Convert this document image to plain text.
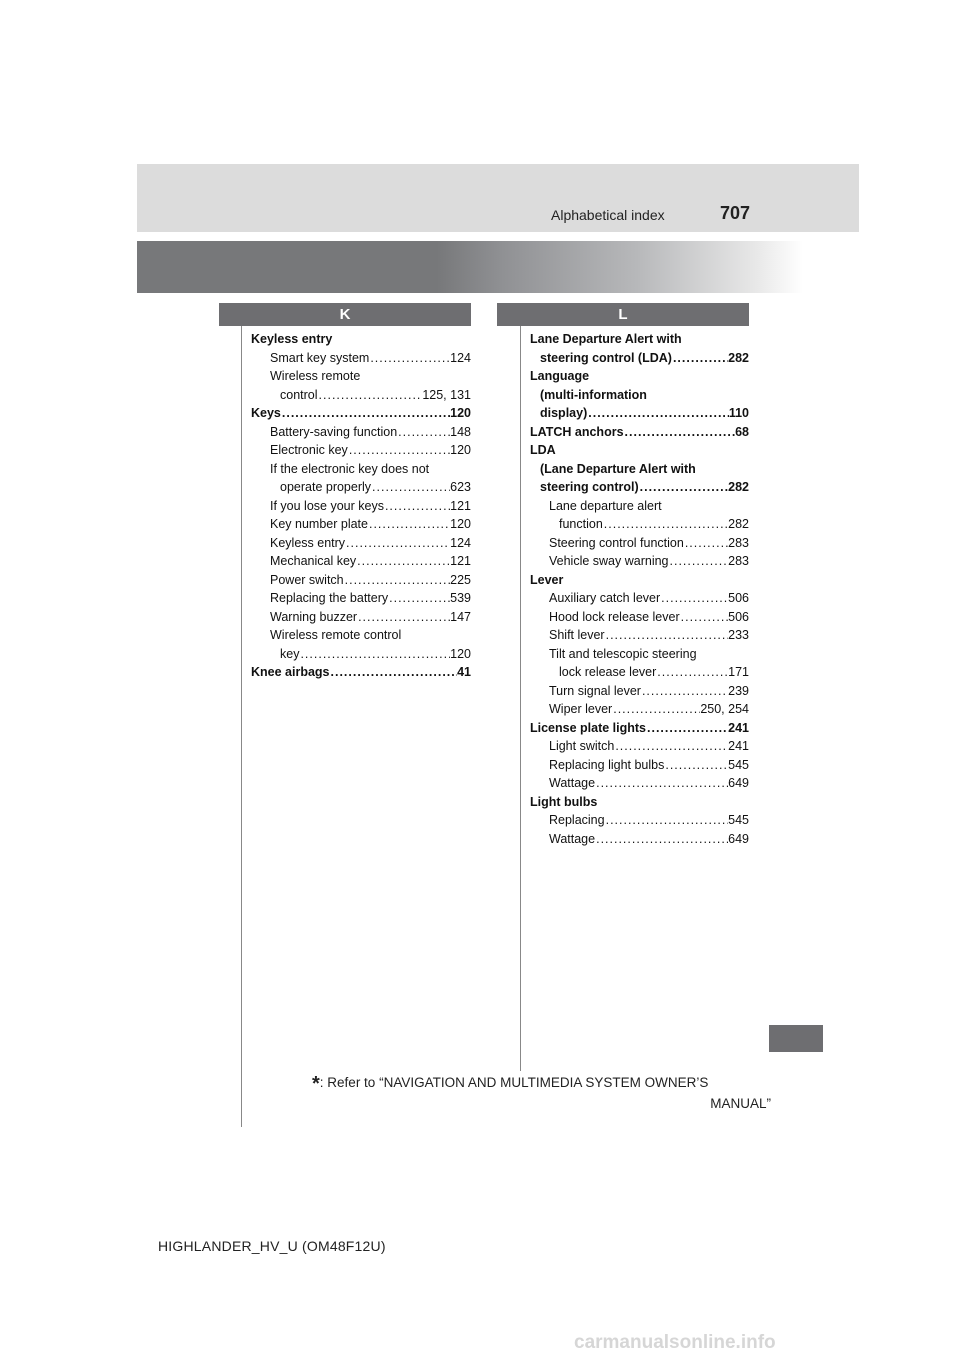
Alphabetical index	707
K	L
Keyless entry
Smart key system .....	124
Wireless remote
control .....	125, 131
Keys .....	120
Battery-saving function .....	148
Electronic key .....	120
If the electronic key does not
operate properly .....	623
If you lose your keys .....	121
Key number plate .....	120
Keyless entry .....	124
Mechanical key .....	121
Power switch .....	225
Replacing the battery .....	539
Warning buzzer .....	147
Wireless remote control
key .....	120
Knee airbags .....	41
Lane Departure Alert with
steering control (LDA) .....	282
Language
(multi-information
display) .....	110
LATCH anchors .....	68
LDA
(Lane Departure Alert with
steering control) .....	282
Lane departure alert
function .....	282
Steering control function .....	283
Vehicle sway warning .....	283
Lever
Auxiliary catch lever .....	506
Hood lock release lever .....	506
Shift lever .....	233
Tilt and telescopic steering
lock release lever .....	171
Turn signal lever .....	239
Wiper lever .....	250, 254
License plate lights .....	241
Light switch .....	241
Replacing light bulbs .....	545
Wattage .....	649
Light bulbs
Replacing .....	545
Wattage .....	649
*: Refer to “NAVIGATION AND MULTIMEDIA SYSTEM OWNER’S
MANUAL”
HIGHLANDER_HV_U (OM48F12U)
carmanualsonline.info
